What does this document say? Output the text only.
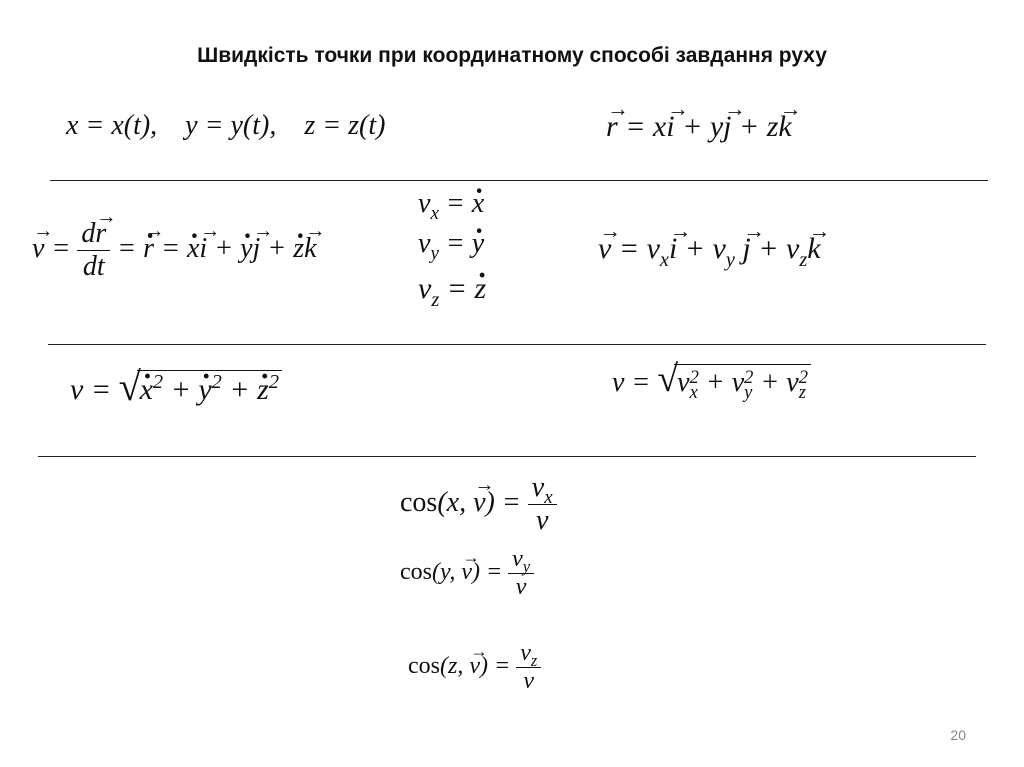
Швидкість точки при координатному способі завдання руху
x = x(t),    y = y(t),    z = z(t)	→ r = x→ i + y→ j + z→ k
→ $v = \frac{d\to r}{dt}$ = · → r = · x→ i + · y→ j + · z→ k
$v_x$ = · x
$v_y$ = · y
$v_z$ = · z
→ $v = v_x\to i + v_y \to j + v_z\to k$
v = √
· $x^2$ + · $y^2$ + · $z^2$	v = √ v 2
x + v 2
y + v 2
z
cos(x, → $v) = \frac{v_x}{v}$
cos(y, → $v) = \frac{v_y}{v}$
cos(z, → $v) = \frac{v_z}{v}$
20
